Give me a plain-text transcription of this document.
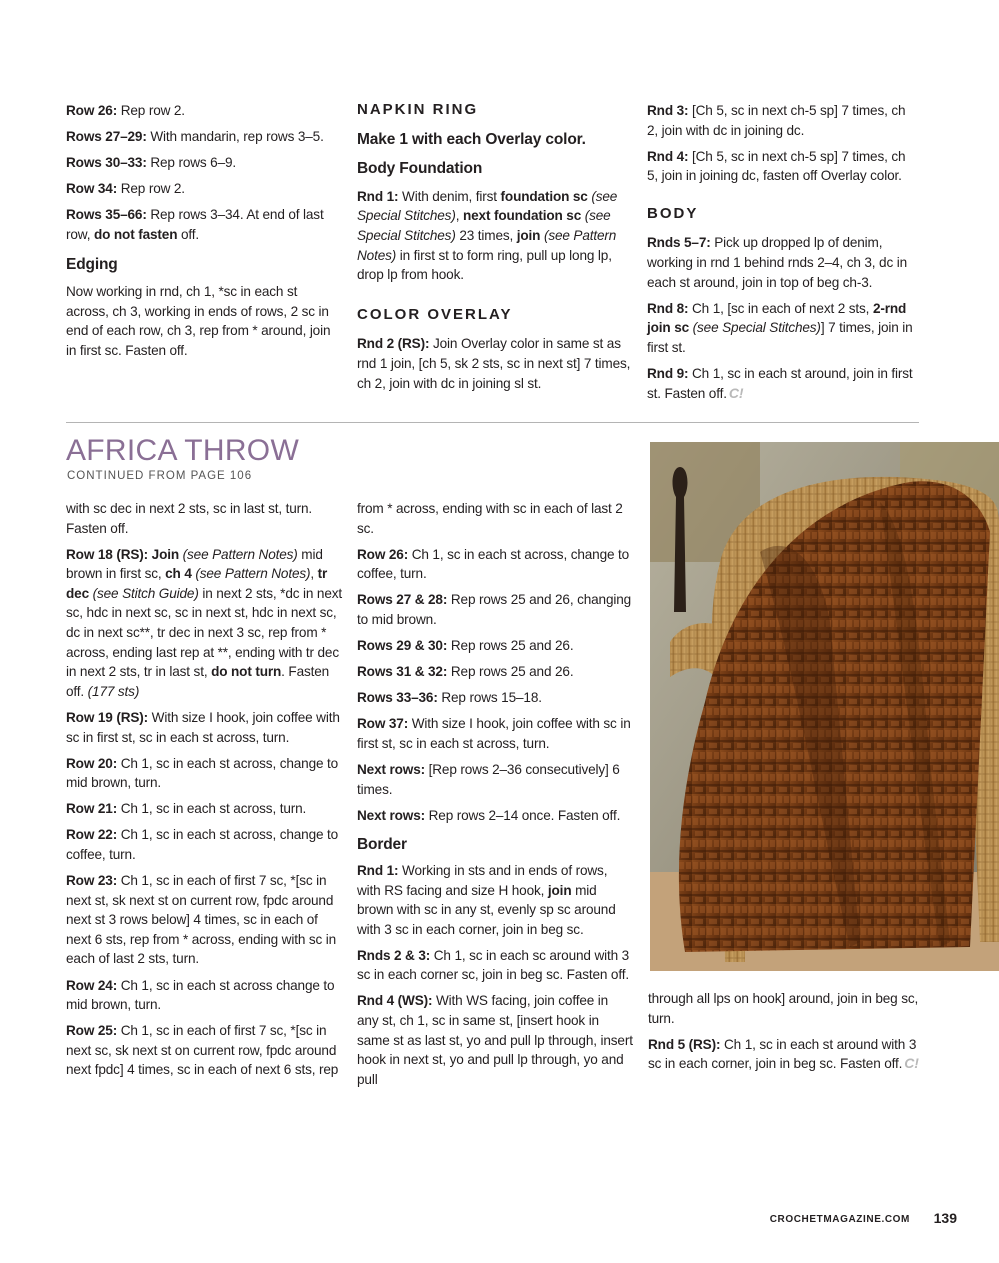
Row 26: Rep row 2.

Rows 27–29: With mandarin, rep rows 3–5.

Rows 30–33: Rep rows 6–9.

Row 34: Rep row 2.

Rows 35–66: Rep rows 3–34. At end of last row, do not fasten off.

Edging

Now working in rnd, ch 1, *sc in each st across, ch 3, working in ends of rows, 2 sc in end of each row, ch 3, rep from * around, join in first sc. Fasten off.

NAPKIN RING
Make 1 with each Overlay color.
Body Foundation

Rnd 1: With denim, first foundation sc (see Special Stitches), next foundation sc (see Special Stitches) 23 times, join (see Pattern Notes) in first st to form ring, pull up long lp, drop lp from hook.

COLOR OVERLAY

Rnd 2 (RS): Join Overlay color in same st as rnd 1 join, [ch 5, sk 2 sts, sc in next st] 7 times, ch 2, join with dc in joining sl st.

Rnd 3: [Ch 5, sc in next ch-5 sp] 7 times, ch 2, join with dc in joining dc.

Rnd 4: [Ch 5, sc in next ch-5 sp] 7 times, ch 5, join in joining dc, fasten off Overlay color.

BODY

Rnds 5–7: Pick up dropped lp of denim, working in rnd 1 behind rnds 2–4, ch 3, dc in each st around, join in top of beg ch-3.

Rnd 8: Ch 1, [sc in each of next 2 sts, 2-rnd join sc (see Special Stitches)] 7 times, join in first st.

Rnd 9: Ch 1, sc in each st around, join in first st. Fasten off. C!

AFRICA THROW
CONTINUED FROM PAGE 106

with sc dec in next 2 sts, sc in last st, turn. Fasten off.

Row 18 (RS): Join (see Pattern Notes) mid brown in first sc, ch 4 (see Pattern Notes), tr dec (see Stitch Guide) in next 2 sts, *dc in next sc, hdc in next sc, sc in next st, hdc in next sc, dc in next sc**, tr dec in next 3 sc, rep from * across, ending last rep at **, ending with tr dec in next 2 sts, tr in last st, do not turn. Fasten off. (177 sts)

Row 19 (RS): With size I hook, join coffee with sc in first st, sc in each st across, turn.

Row 20: Ch 1, sc in each st across, change to mid brown, turn.

Row 21: Ch 1, sc in each st across, turn.

Row 22: Ch 1, sc in each st across, change to coffee, turn.

Row 23: Ch 1, sc in each of first 7 sc, *[sc in next st, sk next st on current row, fpdc around next st 3 rows below] 4 times, sc in each of next 6 sts, rep from * across, ending with sc in each of last 2 sts, turn.

Row 24: Ch 1, sc in each st across change to mid brown, turn.

Row 25: Ch 1, sc in each of first 7 sc, *[sc in next sc, sk next st on current row, fpdc around next fpdc] 4 times, sc in each of next 6 sts, rep

from * across, ending with sc in each of last 2 sc.

Row 26: Ch 1, sc in each st across, change to coffee, turn.

Rows 27 & 28: Rep rows 25 and 26, changing to mid brown.

Rows 29 & 30: Rep rows 25 and 26.

Rows 31 & 32: Rep rows 25 and 26.

Rows 33–36: Rep rows 15–18.

Row 37: With size I hook, join coffee with sc in first st, sc in each st across, turn.

Next rows: [Rep rows 2–36 consecutively] 6 times.

Next rows: Rep rows 2–14 once. Fasten off.

Border

Rnd 1: Working in sts and in ends of rows, with RS facing and size H hook, join mid brown with sc in any st, evenly sp sc around with 3 sc in each corner, join in beg sc.

Rnds 2 & 3: Ch 1, sc in each sc around with 3 sc in each corner sc, join in beg sc. Fasten off.

Rnd 4 (WS): With WS facing, join coffee in any st, ch 1, sc in same st, [insert hook in same st as last st, yo and pull lp through, insert hook in next st, yo and pull lp through, yo and pull

through all lps on hook] around, join in beg sc, turn.

Rnd 5 (RS): Ch 1, sc in each st around with 3 sc in each corner, join in beg sc. Fasten off. C!

CROCHETMAGAZINE.COM 139
